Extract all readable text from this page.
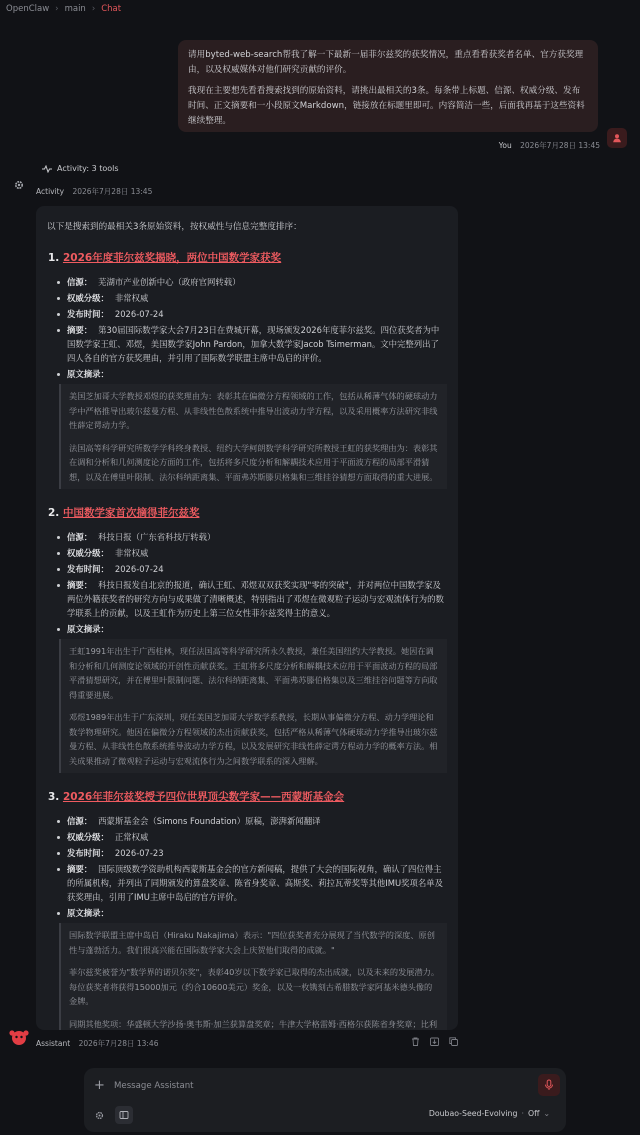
OpenClaw › main › Chat

请用byted-web-search帮我了解一下最新一届菲尔兹奖的获奖情况，重点看看获奖者名单、官方获奖理由，以及权威媒体对他们研究贡献的评价。

我现在主要想先看看搜索找到的原始资料，请挑出最相关的3条。每条带上标题、信源、权威分级、发布时间、正文摘要和一小段原文Markdown，链接放在标题里即可。内容简洁一些，后面我再基于这些资料继续整理。

You 2026年7月28日 13:45
Activity: 3 tools
Activity 2026年7月28日 13:45

以下是搜索到的最相关3条原始资料，按权威性与信息完整度排序：

1. 2026年度菲尔兹奖揭晓，两位中国数学家获奖
信源： 芜湖市产业创新中心（政府官网转载）
权威分级： 非常权威
发布时间： 2026-07-24
摘要： 第30届国际数学家大会7月23日在费城开幕，现场颁发2026年度菲尔兹奖。四位获奖者为中国数学家王虹、邓煜，美国数学家John Pardon，加拿大数学家Jacob Tsimerman。文中完整列出了四人各自的官方获奖理由，并引用了国际数学联盟主席中岛启的评价。
原文摘录：

美国芝加哥大学教授邓煜的获奖理由为：表彰其在偏微分方程领域的工作，包括从稀薄气体的硬球动力学中严格推导出玻尔兹曼方程、从非线性色散系统中推导出波动力学方程，以及采用概率方法研究非线性薛定谔动力学。

法国高等科学研究所数学学科终身教授、纽约大学柯朗数学科学研究所教授王虹的获奖理由为：表彰其在调和分析和几何测度论方面的工作，包括将多尺度分析和解耦技术应用于平面波方程的局部平滑猜想，以及在傅里叶限制、法尔科纳距离集、平面弗苏斯滕贝格集和三维挂谷猜想方面取得的重大进展。

2. 中国数学家首次摘得菲尔兹奖
信源： 科技日报（广东省科技厅转载）
权威分级： 非常权威
发布时间： 2026-07-24
摘要： 科技日报发自北京的报道，确认王虹、邓煜双双获奖实现"零的突破"，并对两位中国数学家及两位外籍获奖者的研究方向与成果做了清晰概述，特别指出了邓煜在微观粒子运动与宏观流体行为的数学联系上的贡献，以及王虹作为历史上第三位女性菲尔兹奖得主的意义。
原文摘录：

王虹1991年出生于广西桂林，现任法国高等科学研究所永久教授，兼任美国纽约大学教授。她因在调和分析和几何测度论领域的开创性贡献获奖。王虹将多尺度分析和解耦技术应用于平面波动方程的局部平滑猜想研究，并在傅里叶限制问题、法尔科纳距离集、平面弗苏滕伯格集以及三维挂谷问题等方向取得重要进展。

邓煜1989年出生于广东深圳，现任美国芝加哥大学数学系教授，长期从事偏微分方程、动力学理论和数学物理研究。他因在偏微分方程领域的杰出贡献获奖，包括严格从稀薄气体硬球动力学推导出玻尔兹曼方程、从非线性色散系统推导波动力学方程，以及发展研究非线性薛定谔方程动力学的概率方法。相关成果推动了微观粒子运动与宏观流体行为之间数学联系的深入理解。

3. 2026年菲尔兹奖授予四位世界顶尖数学家——西蒙斯基金会
信源： 西蒙斯基金会（Simons Foundation）原稿，澎湃新闻翻译
权威分级： 正常权威
发布时间： 2026-07-23
摘要： 国际顶级数学资助机构西蒙斯基金会的官方新闻稿，提供了大会的国际视角，确认了四位得主的所属机构，并列出了同期颁发的算盘奖章、陈省身奖章、高斯奖、莉拉瓦蒂奖等其他IMU奖项名单及获奖理由，引用了IMU主席中岛启的官方评价。
原文摘录：

国际数学联盟主席中岛启（Hiraku Nakajima）表示："四位获奖者充分展现了当代数学的深度、原创性与蓬勃活力。我们很高兴能在国际数学家大会上庆贺他们取得的成就。"

菲尔兹奖被誉为"数学界的诺贝尔奖"，表彰40岁以下数学家已取得的杰出成就，以及未来的发展潜力。每位获奖者将获得15000加元（约合10600美元）奖金，以及一枚镌刻古希腊数学家阿基米德头像的金牌。

同期其他奖项：华盛顿大学沙扬·奥韦斯·加兰获算盘奖章；牛津大学格雷姆·西格尔获陈省身奖章；比利

Assistant 2026年7月28日 13:46
+
Message Assistant
Doubao-Seed-Evolving · Off ⌄
